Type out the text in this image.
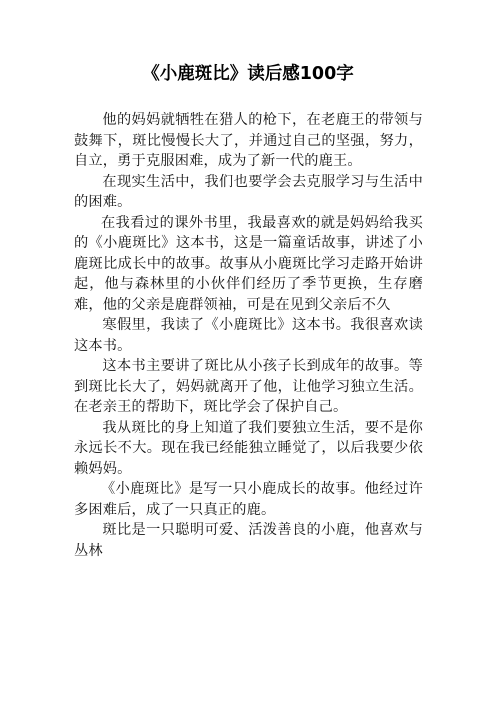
《小鹿斑比》读后感100字

他的妈妈就牺牲在猎人的枪下，在老鹿王的带领与鼓舞下，斑比慢慢长大了，并通过自己的坚强，努力，自立，勇于克服困难，成为了新一代的鹿王。

在现实生活中，我们也要学会去克服学习与生活中的困难。

在我看过的课外书里，我最喜欢的就是妈妈给我买的《小鹿斑比》这本书，这是一篇童话故事，讲述了小鹿斑比成长中的故事。故事从小鹿斑比学习走路开始讲起，他与森林里的小伙伴们经历了季节更换，生存磨难，他的父亲是鹿群领袖，可是在见到父亲后不久

寒假里，我读了《小鹿斑比》这本书。我很喜欢读这本书。

这本书主要讲了斑比从小孩子长到成年的故事。等到斑比长大了，妈妈就离开了他，让他学习独立生活。在老亲王的帮助下，斑比学会了保护自己。

我从斑比的身上知道了我们要独立生活，要不是你永远长不大。现在我已经能独立睡觉了，以后我要少依赖妈妈。

《小鹿斑比》是写一只小鹿成长的故事。他经过许多困难后，成了一只真正的鹿。

斑比是一只聪明可爱、活泼善良的小鹿，他喜欢与丛林
